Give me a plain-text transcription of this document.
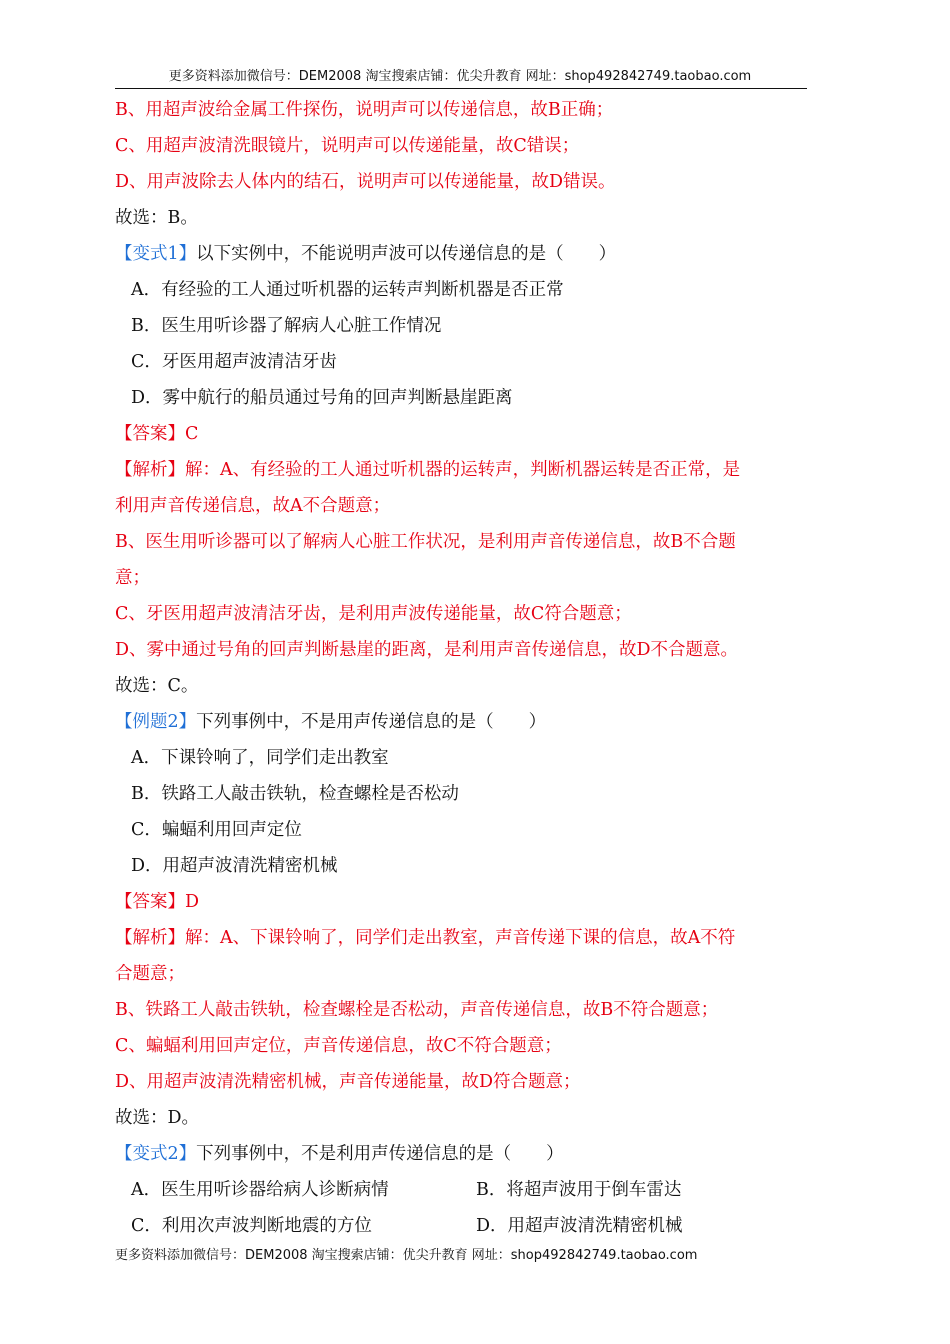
更多资料添加微信号：DEM2008 淘宝搜索店铺：优尖升教育 网址：shop492842749.taobao.com
B、用超声波给金属工件探伤，说明声可以传递信息，故B正确；
C、用超声波清洗眼镜片，说明声可以传递能量，故C错误；
D、用声波除去人体内的结石，说明声可以传递能量，故D错误。
故选：B。
【变式1】以下实例中，不能说明声波可以传递信息的是（　　）
A．有经验的工人通过听机器的运转声判断机器是否正常
B．医生用听诊器了解病人心脏工作情况
C．牙医用超声波清洁牙齿
D．雾中航行的船员通过号角的回声判断悬崖距离
【答案】C
【解析】解：A、有经验的工人通过听机器的运转声，判断机器运转是否正常，是
利用声音传递信息，故A不合题意；
B、医生用听诊器可以了解病人心脏工作状况，是利用声音传递信息，故B不合题
意；
C、牙医用超声波清洁牙齿，是利用声波传递能量，故C符合题意；
D、雾中通过号角的回声判断悬崖的距离，是利用声音传递信息，故D不合题意。
故选：C。
【例题2】下列事例中，不是用声传递信息的是（　　）
A．下课铃响了，同学们走出教室
B．铁路工人敲击铁轨，检查螺栓是否松动
C．蝙蝠利用回声定位
D．用超声波清洗精密机械
【答案】D
【解析】解：A、下课铃响了，同学们走出教室，声音传递下课的信息，故A不符
合题意；
B、铁路工人敲击铁轨，检查螺栓是否松动，声音传递信息，故B不符合题意；
C、蝙蝠利用回声定位，声音传递信息，故C不符合题意；
D、用超声波清洗精密机械，声音传递能量，故D符合题意；
故选：D。
【变式2】下列事例中，不是利用声传递信息的是（　　）
A．医生用听诊器给病人诊断病情	B．将超声波用于倒车雷达
C．利用次声波判断地震的方位	D．用超声波清洗精密机械
更多资料添加微信号：DEM2008 淘宝搜索店铺：优尖升教育 网址：shop492842749.taobao.com
